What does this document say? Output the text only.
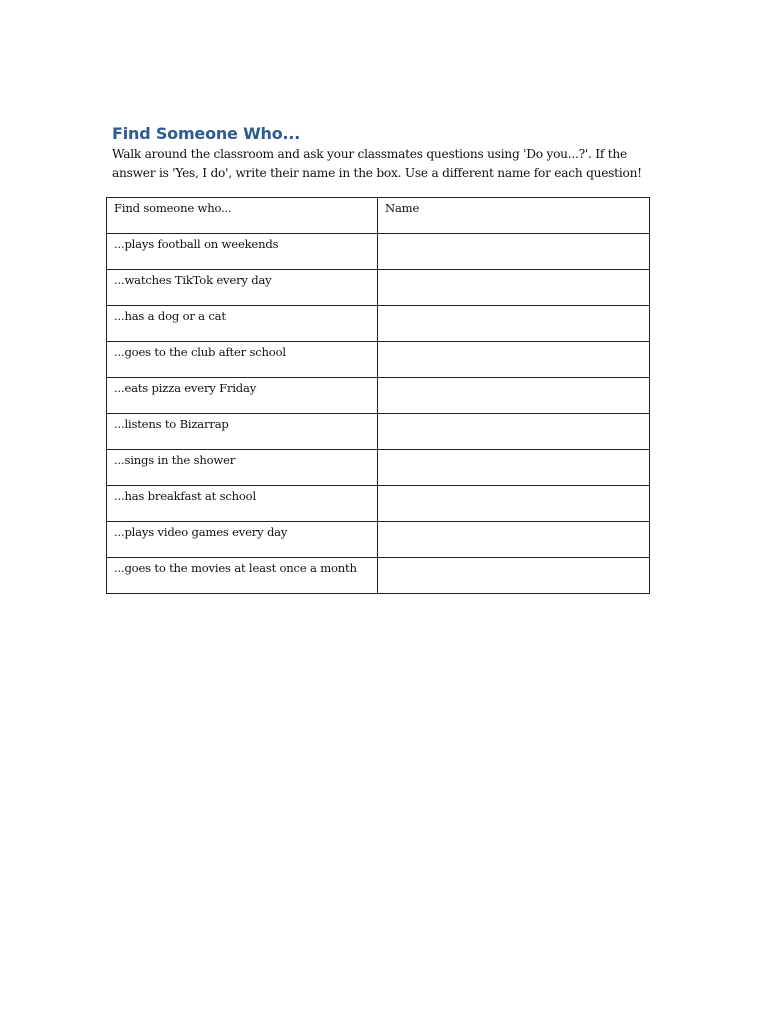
Find Someone Who...

Walk around the classroom and ask your classmates questions using 'Do you...?'. If the answer is 'Yes, I do', write their name in the box. Use a different name for each question!

Find someone who...	Name
...plays football on weekends	
...watches TikTok every day	
...has a dog or a cat	
...goes to the club after school	
...eats pizza every Friday	
...listens to Bizarrap	
...sings in the shower	
...has breakfast at school	
...plays video games every day	
...goes to the movies at least once a month	
